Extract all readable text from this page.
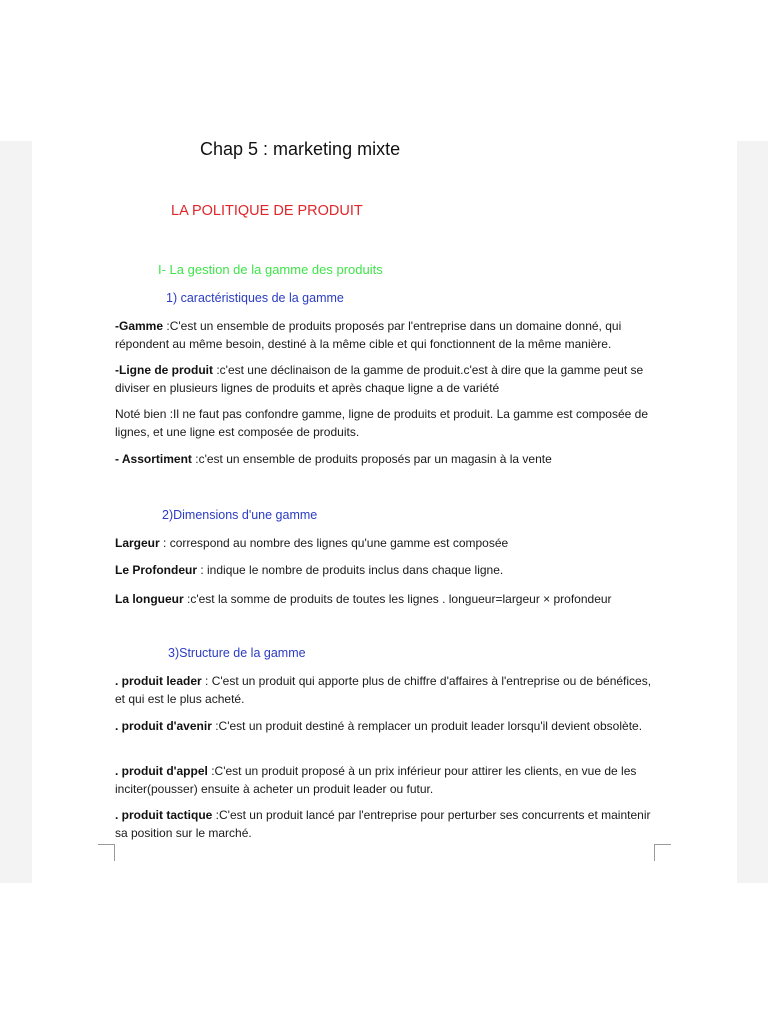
Chap 5 : marketing mixte
LA POLITIQUE DE PRODUIT
I- La gestion de la gamme des produits
1) caractéristiques de la gamme

-Gamme :C'est un ensemble de produits proposés par l'entreprise dans un domaine donné, qui répondent au même besoin, destiné à la même cible et qui fonctionnent de la même manière.

-Ligne de produit :c'est une déclinaison de la gamme de produit.c'est à dire que la gamme peut se diviser en plusieurs lignes de produits et après chaque ligne a de variété

Noté bien :Il ne faut pas confondre gamme, ligne de produits et produit. La gamme est composée de lignes, et une ligne est composée de produits.

- Assortiment :c'est un ensemble de produits proposés par un magasin à la vente

2)Dimensions d'une gamme

Largeur : correspond au nombre des lignes qu'une gamme est composée

Le Profondeur : indique le nombre de produits inclus dans chaque ligne.

La longueur :c'est la somme de produits de toutes les lignes . longueur=largeur × profondeur

3)Structure de la gamme

. produit leader : C'est un produit qui apporte plus de chiffre d'affaires à l'entreprise ou de bénéfices, et qui est le plus acheté.

. produit d'avenir :C'est un produit destiné à remplacer un produit leader lorsqu'il devient obsolète.

. produit d'appel :C'est un produit proposé à un prix inférieur pour attirer les clients, en vue de les inciter(pousser) ensuite à acheter un produit leader ou futur.

. produit tactique :C'est un produit lancé par l'entreprise pour perturber ses concurrents et maintenir sa position sur le marché.
